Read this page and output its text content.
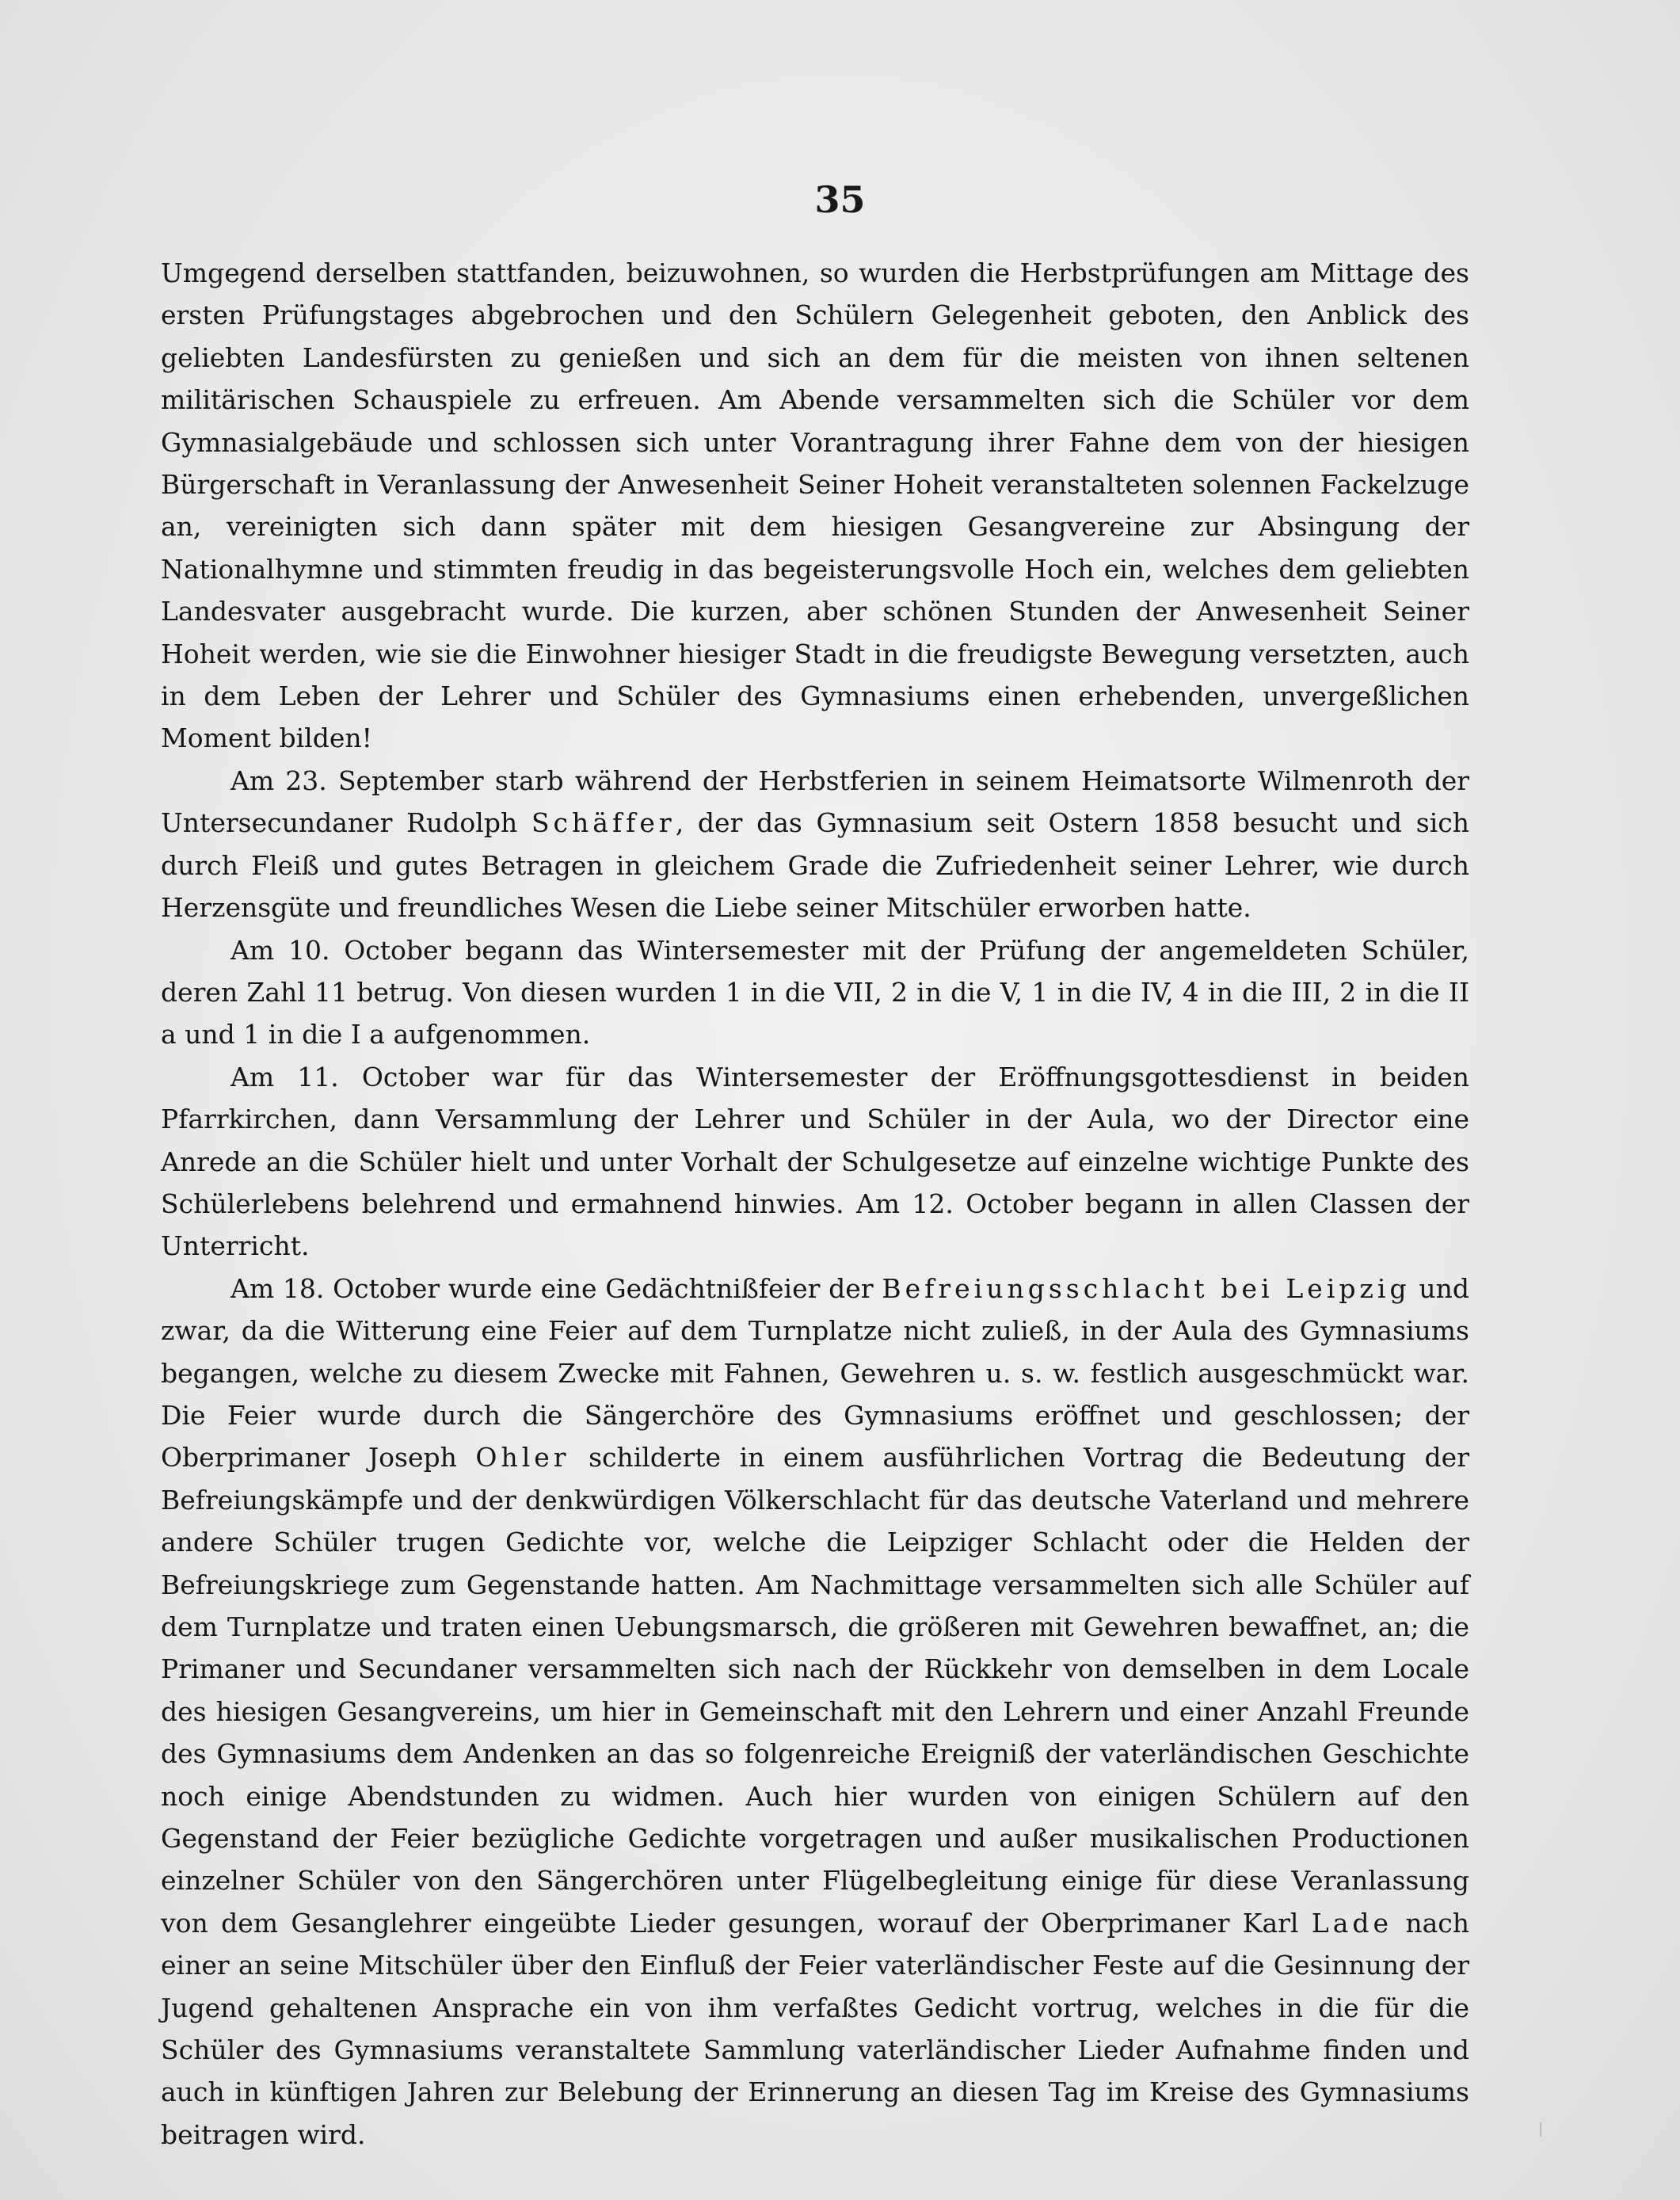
35

Umgegend derselben stattfanden, beizuwohnen, so wurden die Herbstprüfungen am Mittage des ersten Prüfungstages abgebrochen und den Schülern Gelegenheit geboten, den Anblick des geliebten Landesfürsten zu genießen und sich an dem für die meisten von ihnen seltenen militärischen Schauspiele zu erfreuen. Am Abende versammelten sich die Schüler vor dem Gymnasialgebäude und schlossen sich unter Vorantragung ihrer Fahne dem von der hiesigen Bürgerschaft in Veranlassung der Anwesenheit Seiner Hoheit veranstalteten solennen Fackelzuge an, vereinigten sich dann später mit dem hiesigen Gesangvereine zur Absingung der Nationalhymne und stimmten freudig in das begeisterungsvolle Hoch ein, welches dem geliebten Landesvater ausgebracht wurde. Die kurzen, aber schönen Stunden der Anwesenheit Seiner Hoheit werden, wie sie die Einwohner hiesiger Stadt in die freudigste Bewegung versetzten, auch in dem Leben der Lehrer und Schüler des Gymnasiums einen erhebenden, unvergeßlichen Moment bilden!

Am 23. September starb während der Herbstferien in seinem Heimatsorte Wilmenroth der Untersecundaner Rudolph Schäffer, der das Gymnasium seit Ostern 1858 besucht und sich durch Fleiß und gutes Betragen in gleichem Grade die Zufriedenheit seiner Lehrer, wie durch Herzensgüte und freundliches Wesen die Liebe seiner Mitschüler erworben hatte.

Am 10. October begann das Wintersemester mit der Prüfung der angemeldeten Schüler, deren Zahl 11 betrug. Von diesen wurden 1 in die VII, 2 in die V, 1 in die IV, 4 in die III, 2 in die II a und 1 in die I a aufgenommen.

Am 11. October war für das Wintersemester der Eröffnungsgottesdienst in beiden Pfarrkirchen, dann Versammlung der Lehrer und Schüler in der Aula, wo der Director eine Anrede an die Schüler hielt und unter Vorhalt der Schulgesetze auf einzelne wichtige Punkte des Schülerlebens belehrend und ermahnend hinwies. Am 12. October begann in allen Classen der Unterricht.

Am 18. October wurde eine Gedächtnißfeier der Befreiungsschlacht bei Leipzig und zwar, da die Witterung eine Feier auf dem Turnplatze nicht zuließ, in der Aula des Gymnasiums begangen, welche zu diesem Zwecke mit Fahnen, Gewehren u. s. w. festlich ausgeschmückt war. Die Feier wurde durch die Sängerchöre des Gymnasiums eröffnet und geschlossen; der Oberprimaner Joseph Ohler schilderte in einem ausführlichen Vortrag die Bedeutung der Befreiungskämpfe und der denkwürdigen Völkerschlacht für das deutsche Vaterland und mehrere andere Schüler trugen Gedichte vor, welche die Leipziger Schlacht oder die Helden der Befreiungskriege zum Gegenstande hatten. Am Nachmittage versammelten sich alle Schüler auf dem Turnplatze und traten einen Uebungsmarsch, die größeren mit Gewehren bewaffnet, an; die Primaner und Secundaner versammelten sich nach der Rückkehr von demselben in dem Locale des hiesigen Gesangvereins, um hier in Gemeinschaft mit den Lehrern und einer Anzahl Freunde des Gymnasiums dem Andenken an das so folgenreiche Ereigniß der vaterländischen Geschichte noch einige Abendstunden zu widmen. Auch hier wurden von einigen Schülern auf den Gegenstand der Feier bezügliche Gedichte vorgetragen und außer musikalischen Productionen einzelner Schüler von den Sängerchören unter Flügelbegleitung einige für diese Veranlassung von dem Gesanglehrer eingeübte Lieder gesungen, worauf der Oberprimaner Karl Lade nach einer an seine Mitschüler über den Einfluß der Feier vaterländischer Feste auf die Gesinnung der Jugend gehaltenen Ansprache ein von ihm verfaßtes Gedicht vortrug, welches in die für die Schüler des Gymnasiums veranstaltete Sammlung vaterländischer Lieder Aufnahme finden und auch in künftigen Jahren zur Belebung der Erinnerung an diesen Tag im Kreise des Gymnasiums beitragen wird.
